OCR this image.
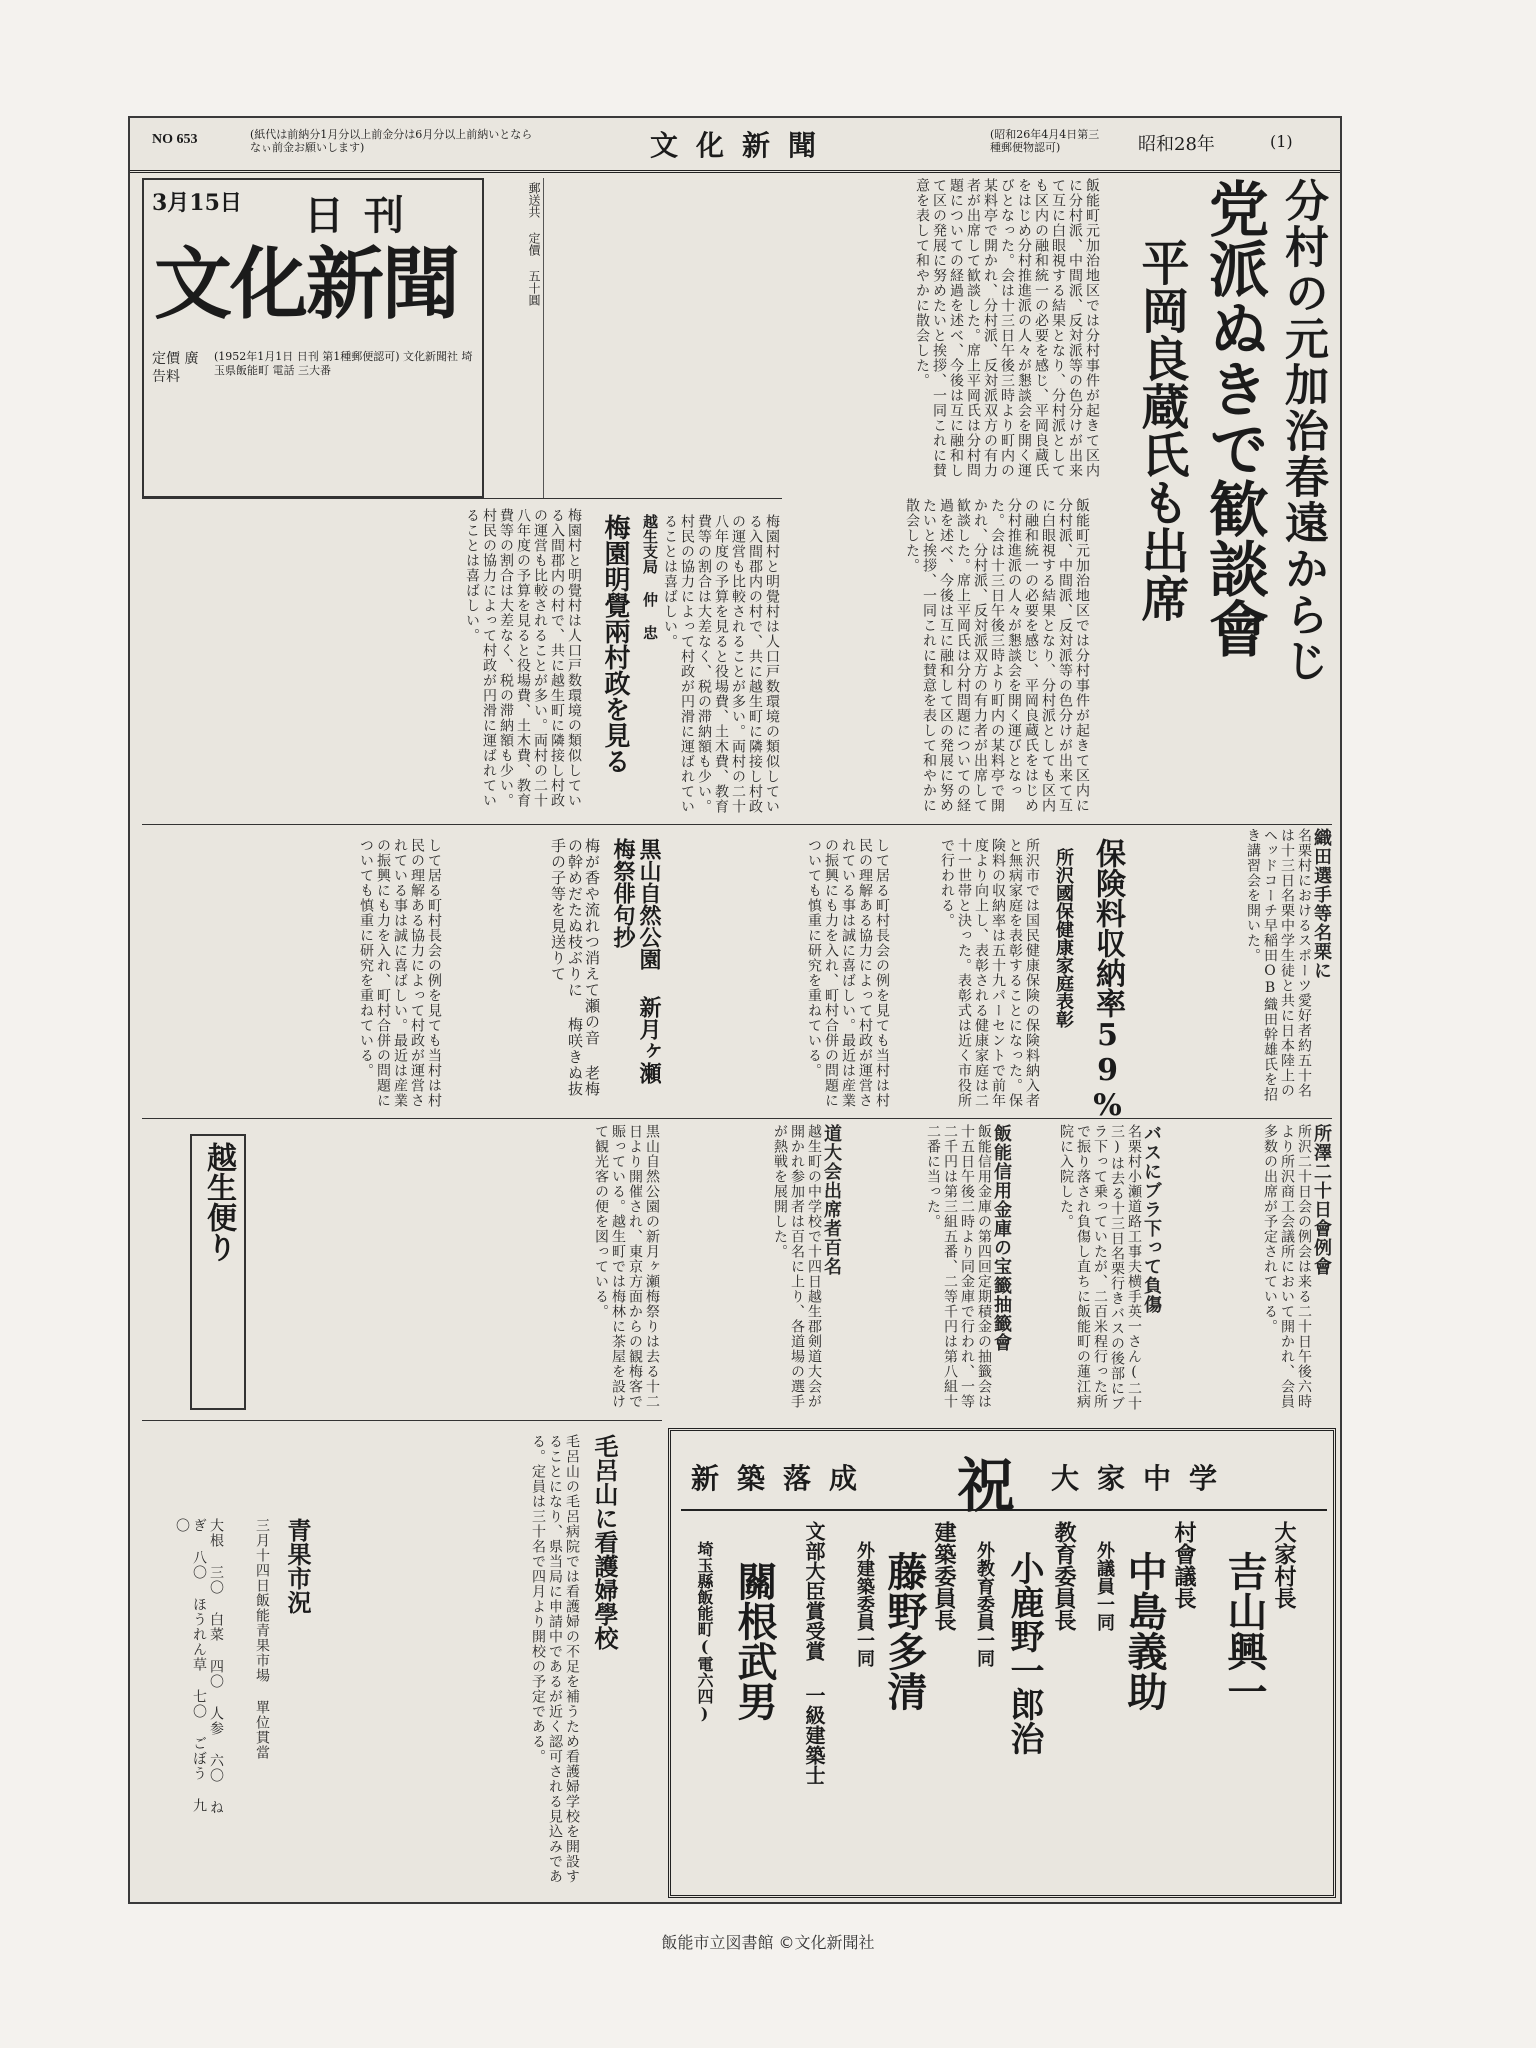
NO 653	(紙代は前納分1月分以上前金分は6月分以上前納いとならなぃ前金お願いします)	文化新聞	(昭和26年4月4日第三種郵便物認可)	昭和28年	(1)
3月15日 日刊
文化新聞
定價 廣告料
(1952年1月1日 日刊 第1種郵便認可) 文化新聞社 埼玉県飯能町 電話 三大番
郵送共 定價 五十圓	飯能町元加治地区では分村事件が起きて区内に分村派、中間派、反対派等の色分けが出来て互に白眼視する結果となり、分村派としても区内の融和統一の必要を感じ、平岡良蔵氏をはじめ分村推進派の人々が懇談会を開く運びとなった。会は十三日午後三時より町内の某料亭で開かれ、分村派、反対派双方の有力者が出席して歓談した。席上平岡氏は分村問題についての経過を述べ、今後は互に融和して区の発展に努めたいと挨拶、一同これに賛意を表して和やかに散会した。	分村の元加治春遠からじ
党派ぬきで歓談會
平岡良蔵氏も出席
飯能町元加治地区では分村事件が起きて区内に分村派、中間派、反対派等の色分けが出来て互に白眼視する結果となり、分村派としても区内の融和統一の必要を感じ、平岡良蔵氏をはじめ分村推進派の人々が懇談会を開く運びとなった。会は十三日午後三時より町内の某料亭で開かれ、分村派、反対派双方の有力者が出席して歓談した。席上平岡氏は分村問題についての経過を述べ、今後は互に融和して区の発展に努めたいと挨拶、一同これに賛意を表して和やかに散会した。
梅園村と明覺村は人口戸数環境の類似している入間郡内の村で、共に越生町に隣接し村政の運営も比較されることが多い。両村の二十八年度の予算を見ると役場費、土木費、教育費等の割合は大差なく、税の滞納額も少い。村民の協力によって村政が円滑に運ばれていることは喜ばしい。	梅園明覺兩村政を見る 越生支局 仲 忠	梅園村と明覺村は人口戸数環境の類似している入間郡内の村で、共に越生町に隣接し村政の運営も比較されることが多い。両村の二十八年度の予算を見ると役場費、土木費、教育費等の割合は大差なく、税の滞納額も少い。村民の協力によって村政が円滑に運ばれていることは喜ばしい。
織田選手等名栗に
名栗村におけるスポーツ愛好者約五十名は十三日名栗中学生徒と共に日本陸上のヘッドコーチ早稲田OB織田幹雄氏を招き講習会を開いた。
保険料収納率59%
所沢國保健康家庭表彰
所沢市では国民健康保険の保険料納入者と無病家庭を表彰することになった。保険料の収納率は五十九パーセントで前年度より向上し、表彰される健康家庭は二十一世帯と決った。表彰式は近く市役所で行われる。
して居る町村長会の例を見ても当村は村民の理解ある協力によって村政が運営されている事は誠に喜ばしい。最近は産業の振興にも力を入れ、町村合併の問題についても慎重に研究を重ねている。
黒山自然公園 新月ヶ瀬 梅祭俳句抄
梅が香や流れつ消えて瀬の音 老梅の幹めだたぬ枝ぶりに 梅咲きぬ抜手の子等を見送りて
して居る町村長会の例を見ても当村は村民の理解ある協力によって村政が運営されている事は誠に喜ばしい。最近は産業の振興にも力を入れ、町村合併の問題についても慎重に研究を重ねている。
所澤二十日會例會
所沢二十日会の例会は来る二十日午後六時より所沢商工会議所において開かれ、会員多数の出席が予定されている。
バスにブラ下って負傷
名栗村小瀬道路工事夫横手英一さん(二十三)は去る十三日名栗行きバスの後部にブラ下って乗っていたが、二百米程行った所で振り落され負傷し直ちに飯能町の蓮江病院に入院した。
飯能信用金庫の宝籤抽籤會
飯能信用金庫の第四回定期積金の抽籤会は十五日午後二時より同金庫で行われ、一等二千円は第三組五番、二等千円は第八組十二番に当った。
道大会出席者百名
越生町の中学校で十四日越生郡剣道大会が開かれ参加者は百名に上り、各道場の選手が熱戦を展開した。
黒山自然公園の新月ヶ瀬梅祭りは去る十二日より開催され、東京方面からの観梅客で賑っている。越生町では梅林に茶屋を設けて観光客の便を図っている。
越生便り
毛呂山に看護婦學校
毛呂山の毛呂病院では看護婦の不足を補うため看護婦学校を開設することになり、県当局に申請中であるが近く認可される見込みである。定員は三十名で四月より開校の予定である。
青果市況
三月十四日飯能青果市場 單位貫當
大根 三〇 白菜 四〇 人参 六〇 ねぎ 八〇 ほうれん草 七〇 ごぼう 九〇
新築落成 祝 大家中学
大家村長
吉山興一
村會議長
中島義助
外議員一同
教育委員長
小鹿野一郎治
外教育委員一同
建築委員長
藤野多清
外建築委員一同
文部大臣賞受賞 一級建築士
關根武男
埼玉縣飯能町(電六四)
飯能市立図書館 ©文化新聞社
